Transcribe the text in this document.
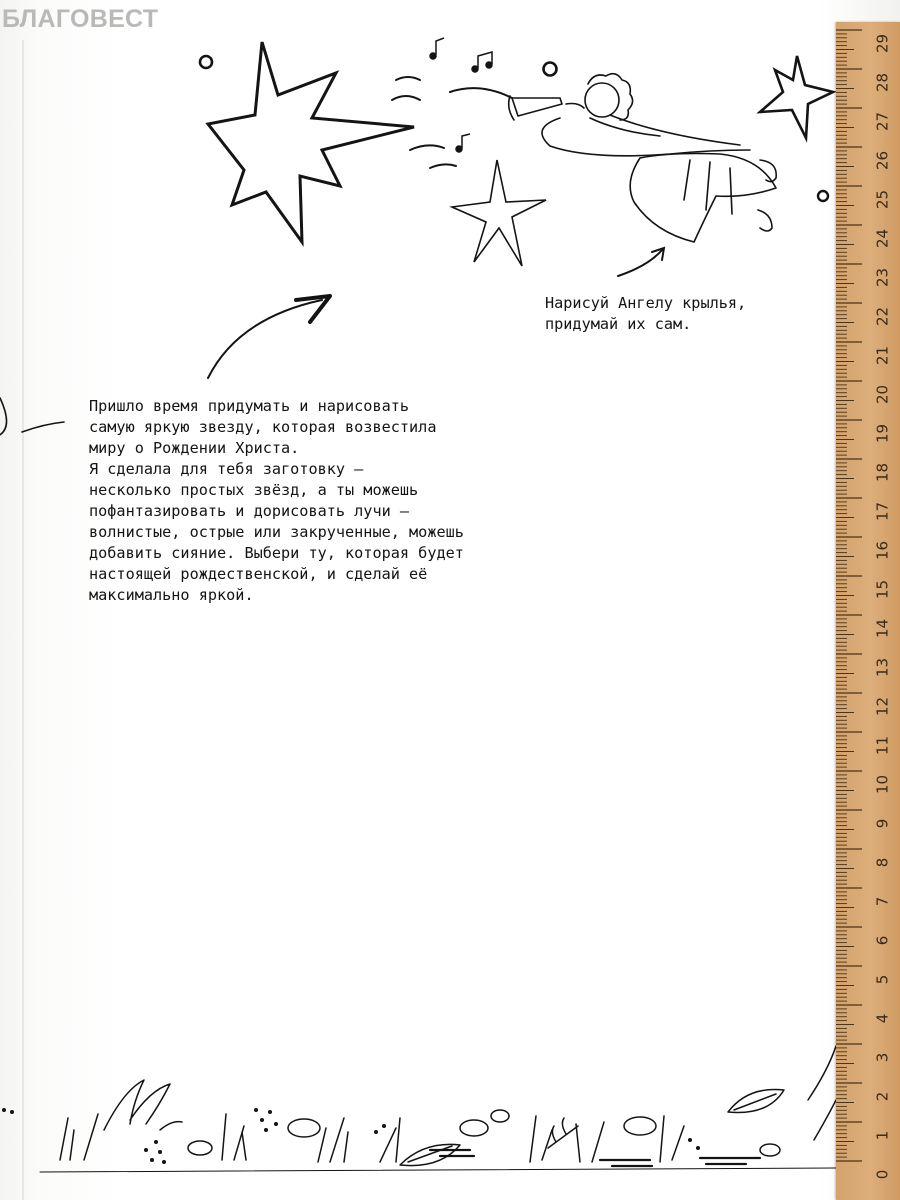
БЛАГОВЕСТ

Пришло время придумать и нарисовать
самую яркую звезду, которая возвестила
миру о Рождении Христа.
Я сделала для тебя заготовку —
несколько простых звёзд, а ты можешь
пофантазировать и дорисовать лучи —
волнистые, острые или закрученные, можешь
добавить сияние. Выбери ту, которая будет
настоящей рождественской, и сделай её
максимально яркой.

Нарисуй Ангелу крылья,
придумай их сам.

29
28
27
26
25
24
23
22
21
20
19
18
17
16
15
14
13
12
11
10
9
8
7
6
5
4
3
2
1
0
